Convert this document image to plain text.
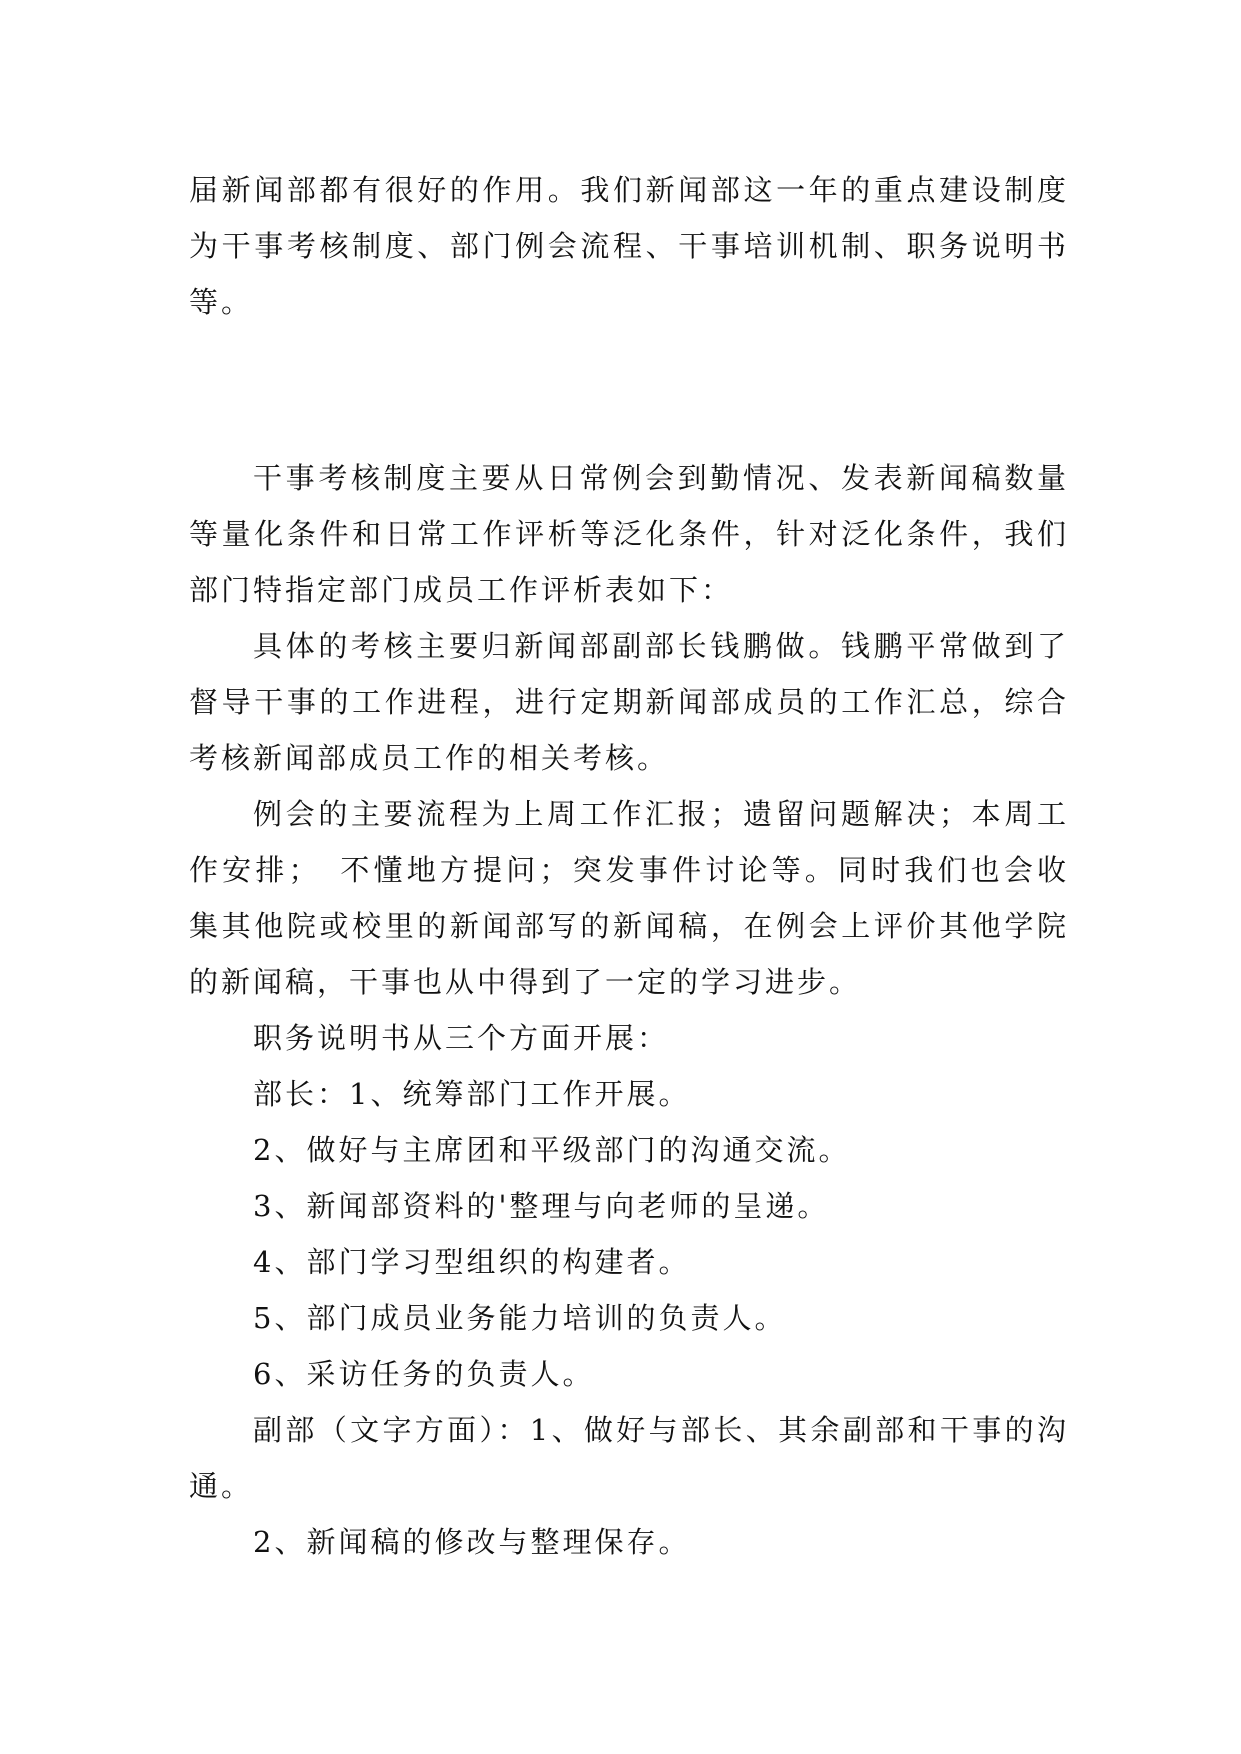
届新闻部都有很好的作用。我们新闻部这一年的重点建设制度为干事考核制度、部门例会流程、干事培训机制、职务说明书等。

干事考核制度主要从日常例会到勤情况、发表新闻稿数量等量化条件和日常工作评析等泛化条件，针对泛化条件，我们部门特指定部门成员工作评析表如下：

具体的考核主要归新闻部副部长钱鹏做。钱鹏平常做到了督导干事的工作进程，进行定期新闻部成员的工作汇总，综合考核新闻部成员工作的相关考核。

例会的主要流程为上周工作汇报；遗留问题解决；本周工作安排；　不懂地方提问；突发事件讨论等。同时我们也会收集其他院或校里的新闻部写的新闻稿，在例会上评价其他学院的新闻稿，干事也从中得到了一定的学习进步。

职务说明书从三个方面开展：

部长：1、统筹部门工作开展。

2、做好与主席团和平级部门的沟通交流。

3、新闻部资料的'整理与向老师的呈递。

4、部门学习型组织的构建者。

5、部门成员业务能力培训的负责人。

6、采访任务的负责人。

副部（文字方面）：1、做好与部长、其余副部和干事的沟通。

2、新闻稿的修改与整理保存。
